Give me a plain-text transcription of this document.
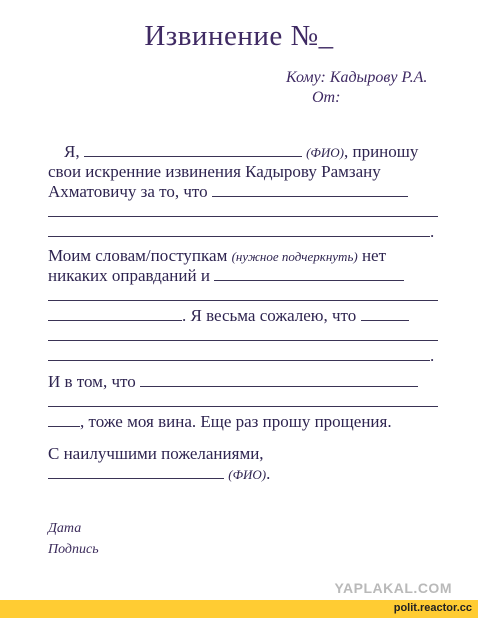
Извинение №_
Кому: Кадырову Р.А.
От:
Я,	(ФИО), приношу
свои искренние извинения Кадырову Рамзану
Ахматовичу за то, что
.
Моим словам/поступкам (нужное подчеркнуть) нет
никаких оправданий и
. Я весьма сожалею, что
.
И в том, что
, тоже моя вина. Еще раз прошу прощения.
С наилучшими пожеланиями,
(ФИО).
Дата
Подпись
YAPLAKAL.COM
polit.reactor.cc
